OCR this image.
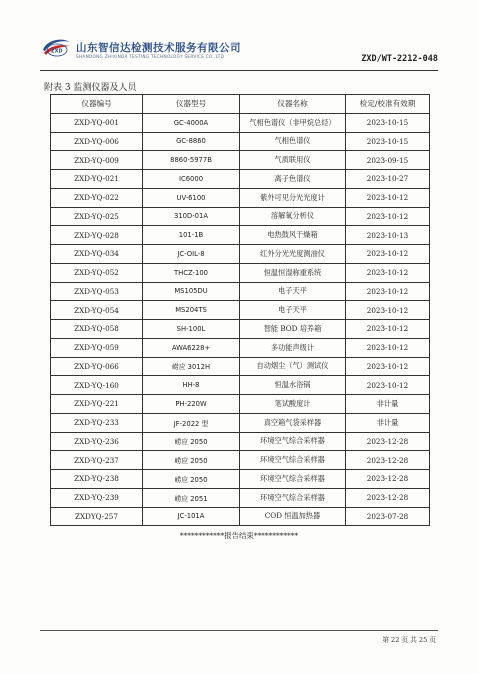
ZXD 山东智信达检测技术服务有限公司
SHANDONG ZHIXINDA TESTING TECHNOLOGY SERVICE CO.,LTD	ZXD/WT-2212-048
附表 3 监测仪器及人员
仪器编号	仪器型号	仪器名称	检定/校准有效期
ZXD-YQ-001	GC-4000A	气相色谱仪（非甲烷总烃）	2023-10-15
ZXD-YQ-006	GC-8860	气相色谱仪	2023-10-15
ZXD-YQ-009	8860-5977B	气质联用仪	2023-09-15
ZXD-YQ-021	IC6000	离子色谱仪	2023-10-27
ZXD-YQ-022	UV-6100	紫外可见分光光度计	2023-10-12
ZXD-YQ-025	310D-01A	溶解氧分析仪	2023-10-12
ZXD-YQ-028	101-1B	电热鼓风干燥箱	2023-10-13
ZXD-YQ-034	JC-OIL-8	红外分光光度测油仪	2023-10-12
ZXD-YQ-052	THCZ-100	恒温恒湿称重系统	2023-10-12
ZXD-YQ-053	MS105DU	电子天平	2023-10-12
ZXD-YQ-054	MS204TS	电子天平	2023-10-12
ZXD-YQ-058	SH-100L	智能 BOD 培养箱	2023-10-12
ZXD-YQ-059	AWA6228+	多功能声级计	2023-10-12
ZXD-YQ-066	崂应 3012H	自动烟尘（气）测试仪	2023-10-12
ZXD-YQ-160	HH-8	恒温水浴锅	2023-10-12
ZXD-YQ-221	PH-220W	笔试酸度计	非计量
ZXD-YQ-233	JF-2022 型	真空箱气袋采样器	非计量
ZXD-YQ-236	崂应 2050	环境空气综合采样器	2023-12-28
ZXD-YQ-237	崂应 2050	环境空气综合采样器	2023-12-28
ZXD-YQ-238	崂应 2050	环境空气综合采样器	2023-12-28
ZXD-YQ-239	崂应 2051	环境空气综合采样器	2023-12-28
ZXDYQ-257	JC-101A	COD 恒温加热器	2023-07-28
************报告结束************
第 22 页 共 25 页
